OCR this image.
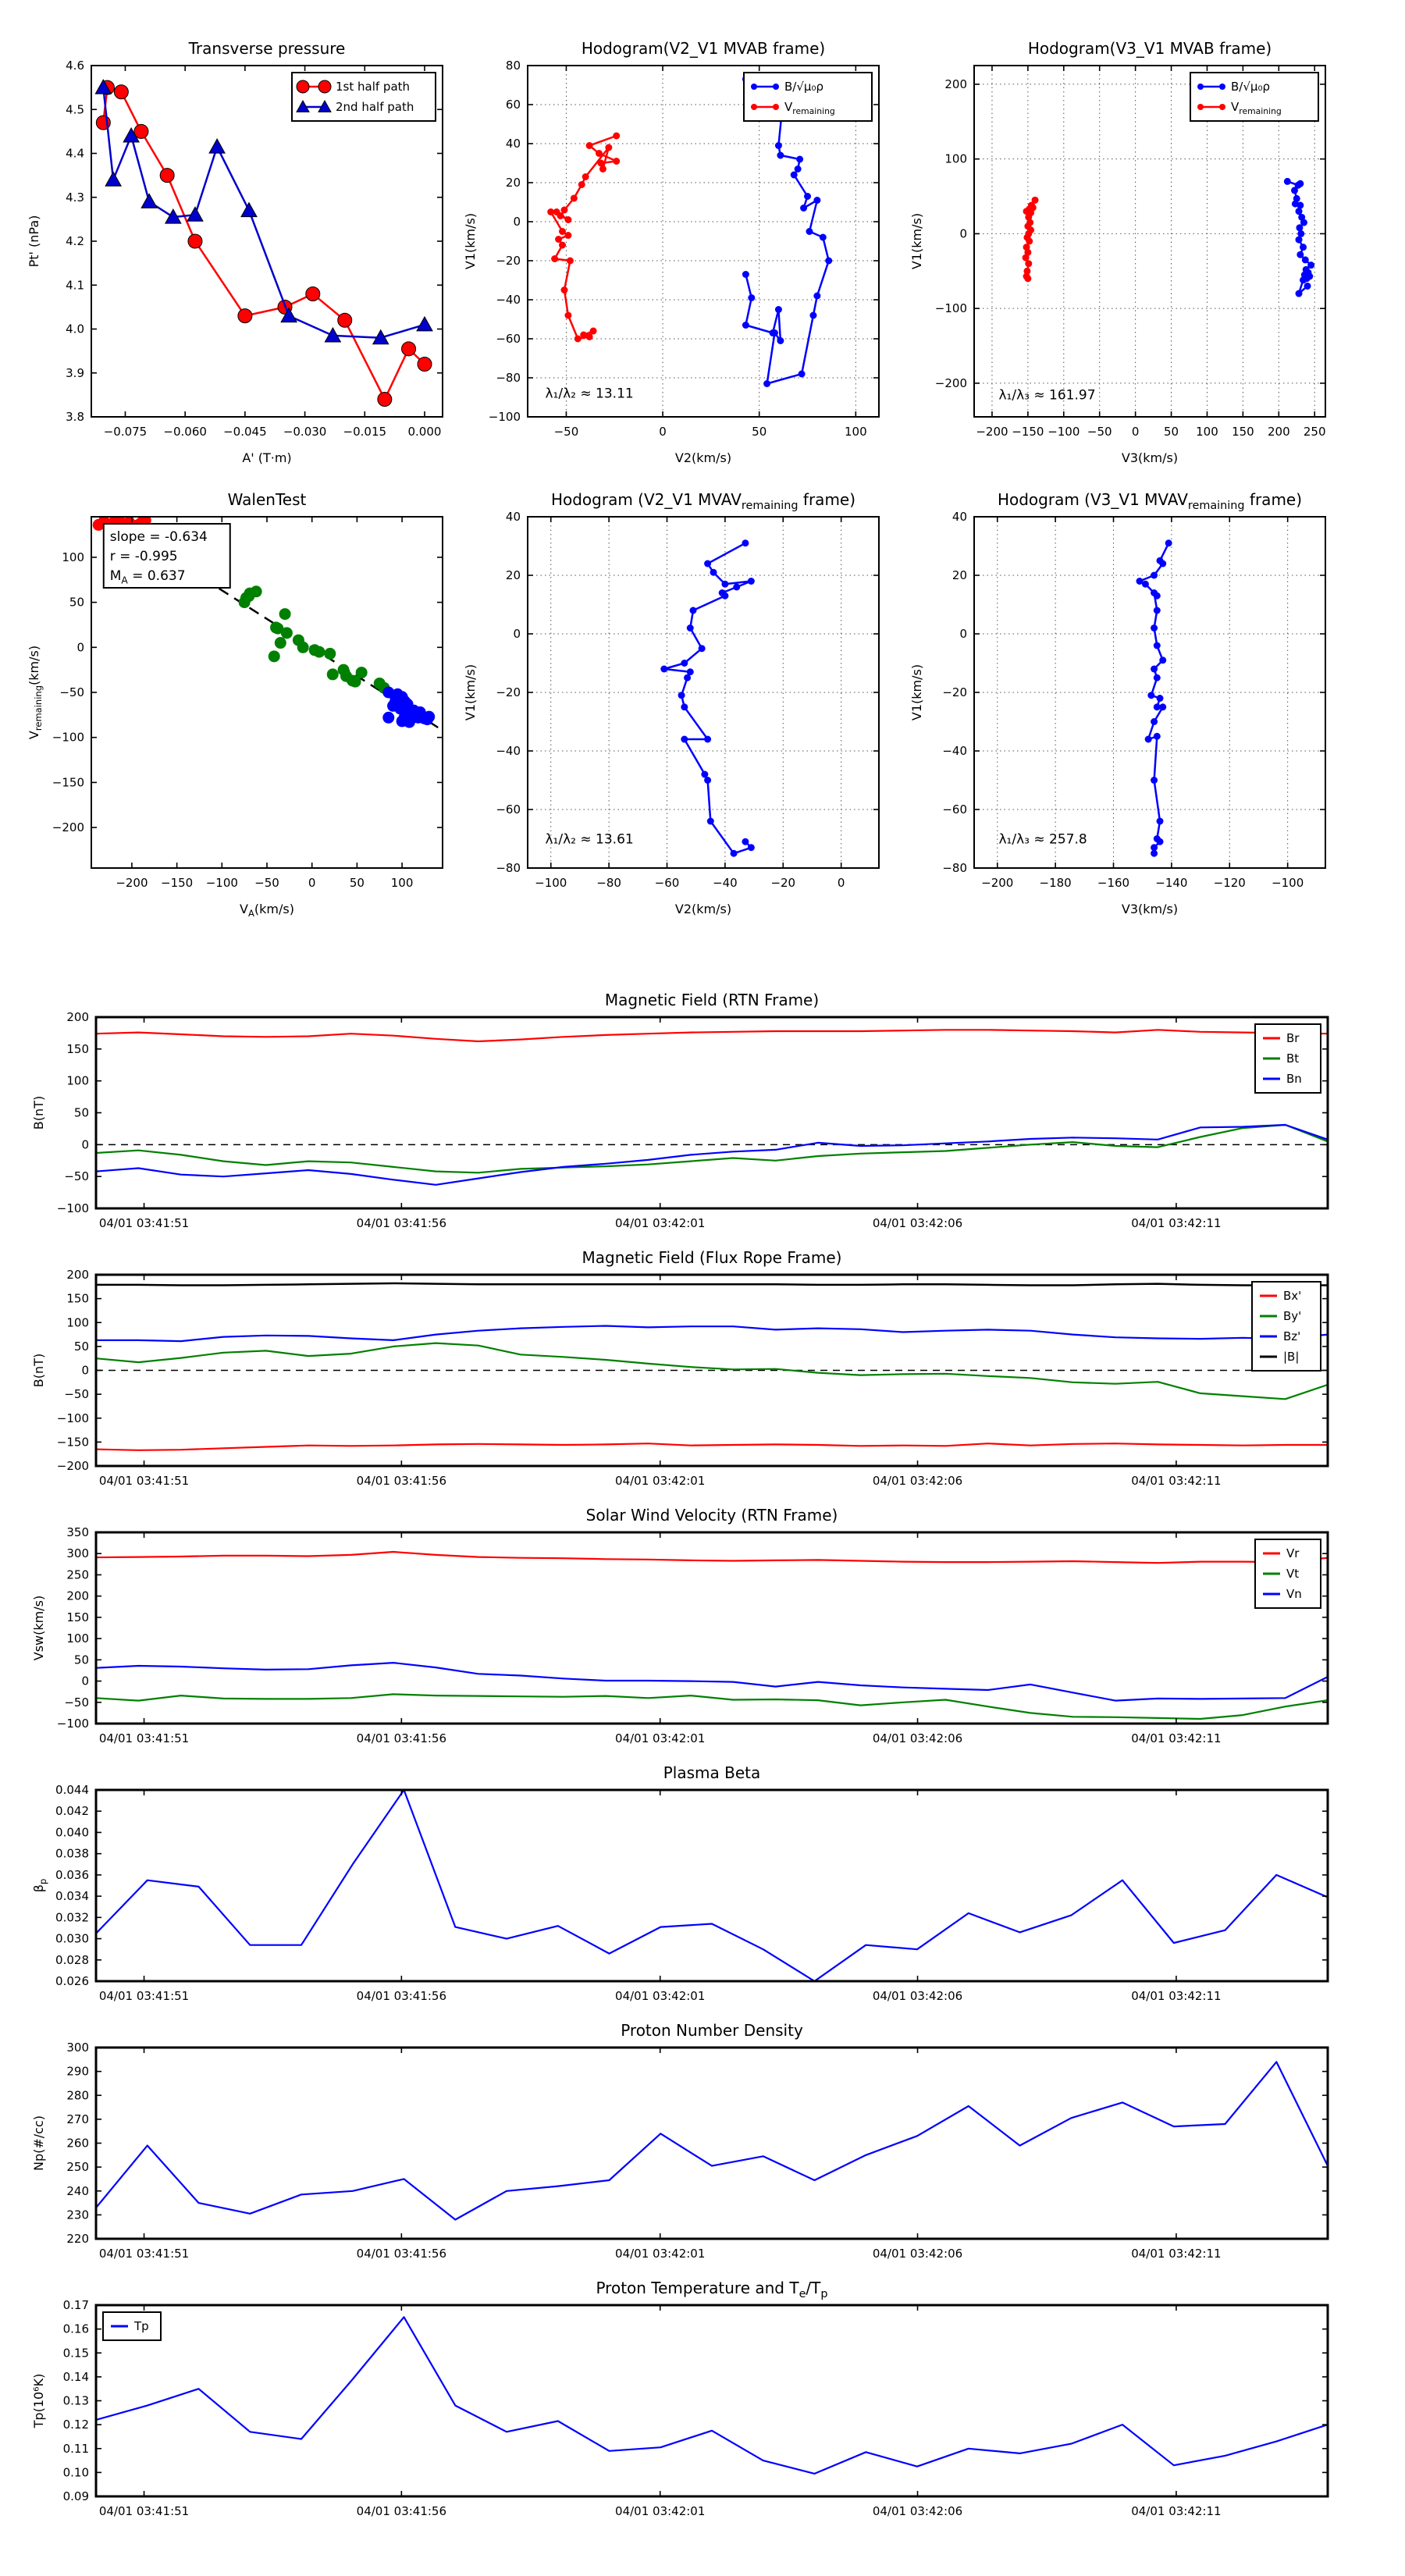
−0.075 −0.060 −0.045 −0.030 −0.015 0.000
3.8
3.9
4.0
4.1
4.2
4.3
4.4
4.5
4.6
Transverse pressure
A' (T·m)
Pt' (nPa)
1st half path
2nd half path
−50	0	50	100
−100
−80
−60
−40
−20
0
20
40
60
80
Hodogram(V2_V1 MVAB frame)
V2(km/s)
V1(km/s)
B/√μ₀ρ
$V_{remaining}$
λ₁/λ₂ ≈ 13.11
−200 −150 −100 −50 0 50 100 150 200 250
−200
−100
0
100
200
Hodogram(V3_V1 MVAB frame)
V3(km/s)
V1(km/s)
B/√μ₀ρ
$V_{remaining}$
λ₁/λ₃ ≈ 161.97
−200 −150 −100 −50 0	50 100
−200
−150
−100
−50
0
50
100
WalenTest
$V_A(km/s)$
$V_{remaining}(km/s)$
slope = -0.634
r = -0.995
$M_A = 0.637$
−100	−80	−60	−40	−20	0
−80
−60
−40
−20
0
20
40
Hodogram (V2_V1 $MVAV_{remaining}$ frame)
V2(km/s)
V1(km/s)
λ₁/λ₂ ≈ 13.61
−200 −180 −160 −140 −120 −100
−80
−60
−40
−20
0
20
40
Hodogram (V3_V1 $MVAV_{remaining}$ frame)
V3(km/s)
V1(km/s)
λ₁/λ₃ ≈ 257.8
04/01 03:41:51	04/01 03:41:56	04/01 03:42:01	04/01 03:42:06	04/01 03:42:11
−100
−50
0
50
100
150
200
Magnetic Field (RTN Frame)
B(nT)
Br
Bt
Bn
04/01 03:41:51	04/01 03:41:56	04/01 03:42:01	04/01 03:42:06	04/01 03:42:11
−200
−150
−100
−50
0
50
100
150
200
Magnetic Field (Flux Rope Frame)
B(nT)
Bx'
By'
Bz'
|B|
04/01 03:41:51	04/01 03:41:56	04/01 03:42:01	04/01 03:42:06	04/01 03:42:11
−100
−50
0
50
100
150
200
250
300
350
Solar Wind Velocity (RTN Frame)
Vsw(km/s)
Vr
Vt
Vn
04/01 03:41:51	04/01 03:41:56	04/01 03:42:01	04/01 03:42:06	04/01 03:42:11
0.026
0.028
0.030
0.032
0.034
0.036
0.038
0.040
0.042
0.044
Plasma Beta
$\beta_p$
04/01 03:41:51	04/01 03:41:56	04/01 03:42:01	04/01 03:42:06	04/01 03:42:11
220
230
240
250
260
270
280
290
300
Proton Number Density
Np(#/cc)
04/01 03:41:51	04/01 03:41:56	04/01 03:42:01	04/01 03:42:06	04/01 03:42:11
0.09
0.10
0.11
0.12
0.13
0.14
0.15
0.16
0.17
Proton Temperature and $T_e/T_p$
Tp(10⁶K)
Tp
